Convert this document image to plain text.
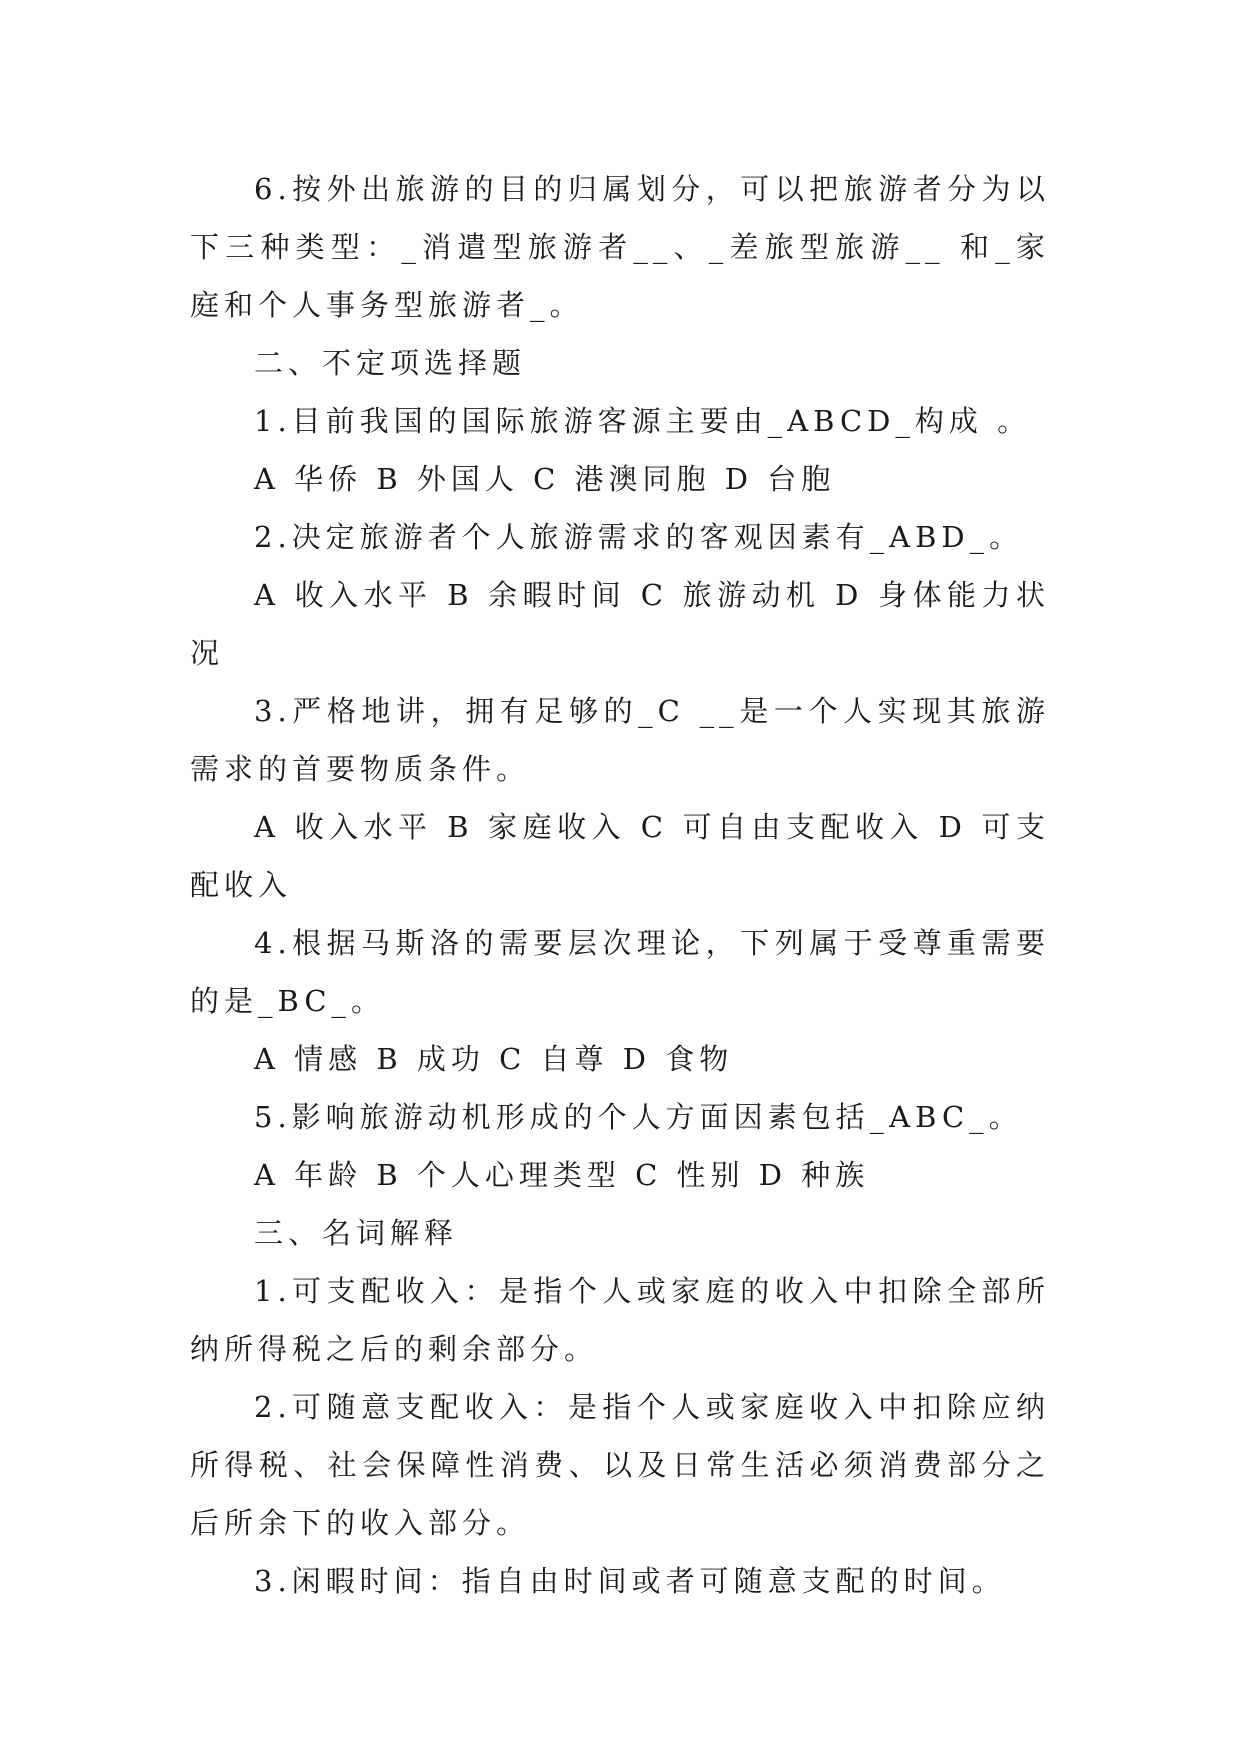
6.按外出旅游的目的归属划分，可以把旅游者分为以下三种类型：_消遣型旅游者__、_差旅型旅游__ 和_家庭和个人事务型旅游者_。

二、不定项选择题

1.目前我国的国际旅游客源主要由_ABCD_构成 。

A 华侨 B 外国人 C 港澳同胞 D 台胞

2.决定旅游者个人旅游需求的客观因素有_ABD_。

A 收入水平 B 余暇时间 C 旅游动机 D 身体能力状况

3.严格地讲，拥有足够的_C __是一个人实现其旅游需求的首要物质条件。

A 收入水平 B 家庭收入 C 可自由支配收入 D 可支配收入

4.根据马斯洛的需要层次理论，下列属于受尊重需要的是_BC_。

A 情感 B 成功 C 自尊 D 食物

5.影响旅游动机形成的个人方面因素包括_ABC_。

A 年龄 B 个人心理类型 C 性别 D 种族

三、名词解释

1.可支配收入：是指个人或家庭的收入中扣除全部所纳所得税之后的剩余部分。

2.可随意支配收入：是指个人或家庭收入中扣除应纳所得税、社会保障性消费、以及日常生活必须消费部分之后所余下的收入部分。

3.闲暇时间：指自由时间或者可随意支配的时间。
